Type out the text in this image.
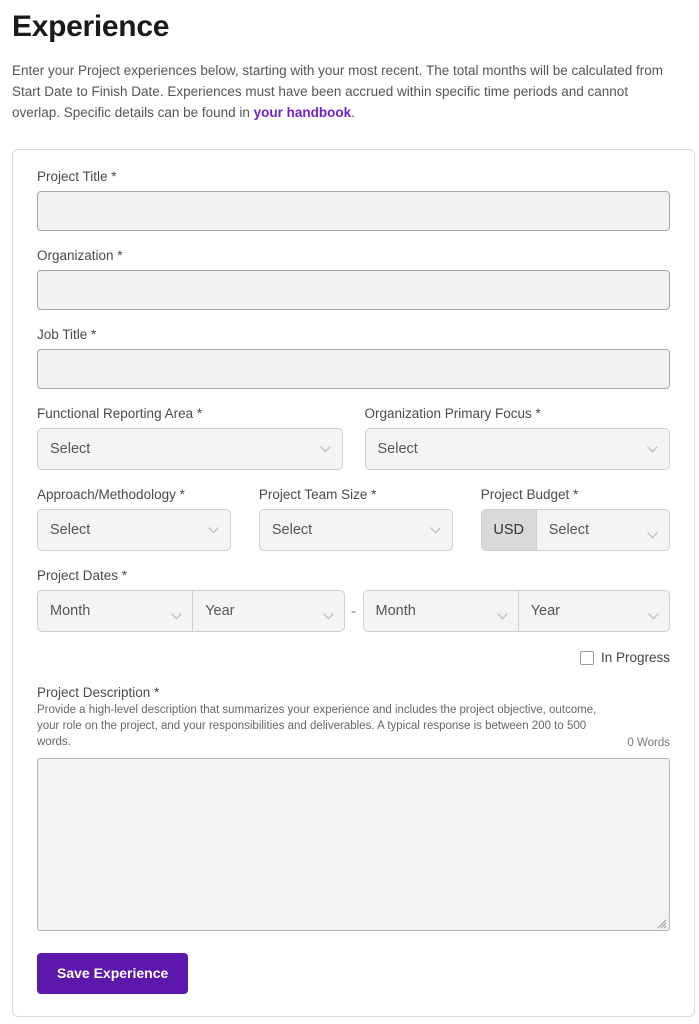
Experience

Enter your Project experiences below, starting with your most recent. The total months will be calculated from Start Date to Finish Date. Experiences must have been accrued within specific time periods and cannot overlap. Specific details can be found in your handbook.

Project Title *
Organization *
Job Title *
Functional Reporting Area *
Select
Organization Primary Focus *
Select
Approach/Methodology *
Select
Project Team Size *
Select
Project Budget *
USD	Select
Project Dates *
Month	Year	-	Month	Year
In Progress
Project Description *

Provide a high-level description that summarizes your experience and includes the project objective, outcome, your role on the project, and your responsibilities and deliverables. A typical response is between 200 to 500 words.	0 Words
Save Experience
